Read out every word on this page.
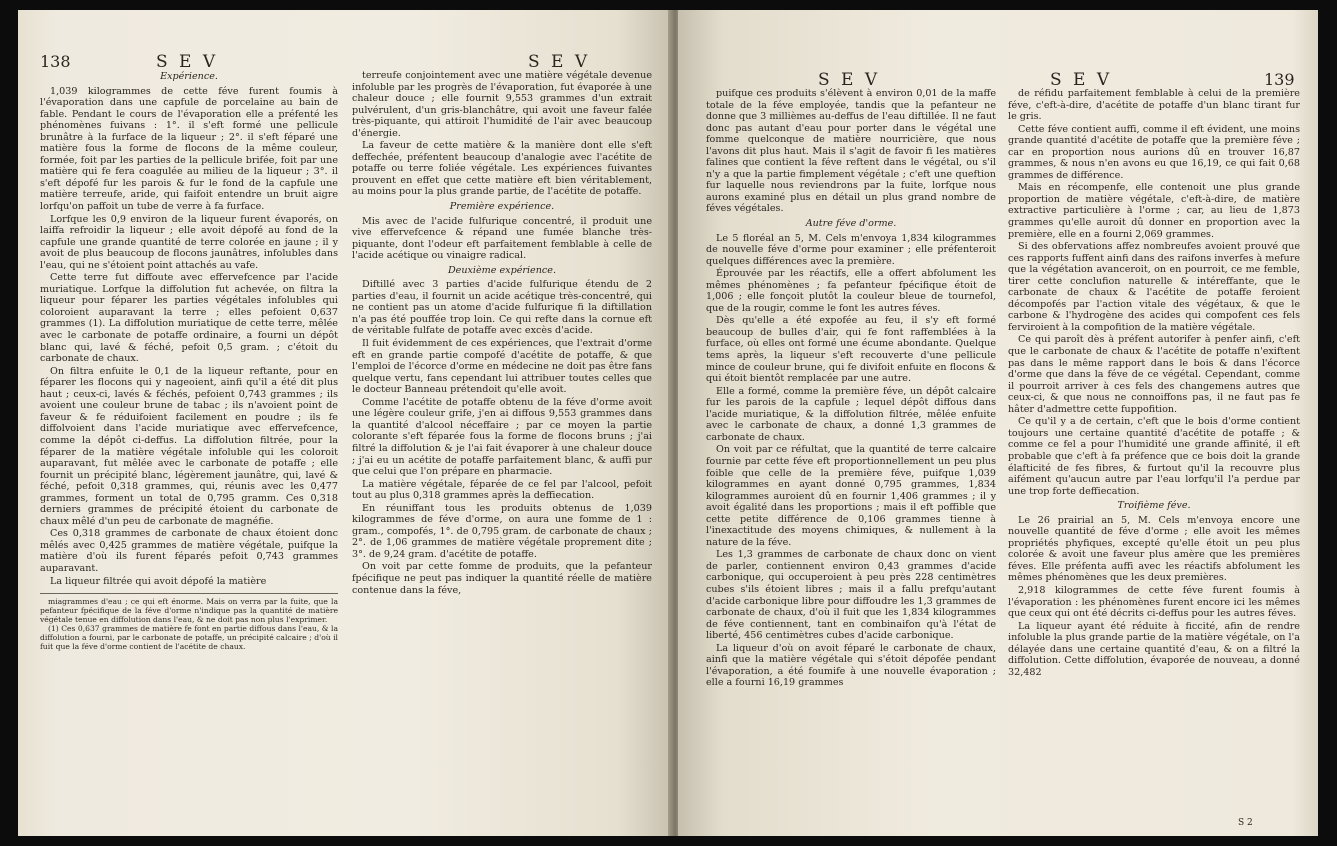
138	S E V	S E V
Expérience.

1,039 kilogrammes de cette féve furent foumis à l'évaporation dans une capfule de porcelaine au bain de fable. Pendant le cours de l'évaporation elle a préfenté les phénomènes fuivans : 1°. il s'eft formé une pellicule brunâtre à la furface de la liqueur ; 2°. il s'eft féparé une matière fous la forme de flocons de la même couleur, formée, foit par les parties de la pellicule brifée, foit par une matière qui fe fera coagulée au milieu de la liqueur ; 3°. il s'eft dépofé fur les parois & fur le fond de la capfule une matière terreufe, aride, qui faifoit entendre un bruit aigre lorfqu'on paffoit un tube de verre à fa furface.

Lorfque les 0,9 environ de la liqueur furent évaporés, on laiffa refroidir la liqueur ; elle avoit dépofé au fond de la capfule une grande quantité de terre colorée en jaune ; il y avoit de plus beaucoup de flocons jaunâtres, infolubles dans l'eau, qui ne s'étoient point attachés au vafe.

Cette terre fut diffoute avec effervefcence par l'acide muriatique. Lorfque la diffolution fut achevée, on filtra la liqueur pour féparer les parties végétales infolubles qui coloroient auparavant la terre ; elles pefoient 0,637 grammes (1). La diffolution muriatique de cette terre, mêlée avec le carbonate de potaffe ordinaire, a fourni un dépôt blanc qui, lavé & féché, pefoit 0,5 gram. ; c'étoit du carbonate de chaux.

On filtra enfuite le 0,1 de la liqueur reftante, pour en féparer les flocons qui y nageoient, ainfi qu'il a été dit plus haut ; ceux-ci, lavés & féchés, pefoient 0,743 grammes ; ils avoient une couleur brune de tabac ; ils n'avoient point de faveur & fe réduifoient facilement en poudre ; ils fe diffolvoient dans l'acide muriatique avec effervefcence, comme la dépôt ci-deffus. La diffolution filtrée, pour la féparer de la matière végétale infoluble qui les coloroit auparavant, fut mêlée avec le carbonate de potaffe ; elle fournit un précipité blanc, légèrement jaunâtre, qui, lavé & féché, pefoit 0,318 grammes, qui, réunis avec les 0,477 grammes, forment un total de 0,795 gramm. Ces 0,318 derniers grammes de précipité étoient du carbonate de chaux mêlé d'un peu de carbonate de magnéfie.

Ces 0,318 grammes de carbonate de chaux étoient donc mêlés avec 0,425 grammes de matière végétale, puifque la matière d'où ils furent féparés pefoit 0,743 grammes auparavant.

La liqueur filtrée qui avoit dépofé la matière

miagrammes d'eau ; ce qui eft énorme. Mais on verra par la fuite, que la pefanteur fpécifique de la féve d'orme n'indique pas la quantité de matière végétale tenue en diffolution dans l'eau, & ne doit pas non plus l'exprimer.

(1) Ces 0,637 grammes de matière fe font en partie diffous dans l'eau, & la diffolution a fourni, par le carbonate de potaffe, un précipité calcaire ; d'où il fuit que la féve d'orme contient de l'acétite de chaux.

terreufe conjointement avec une matière végétale devenue infoluble par les progrès de l'évaporation, fut évaporée à une chaleur douce ; elle fournit 9,553 grammes d'un extrait pulvérulent, d'un gris-blanchâtre, qui avoit une faveur falée très-piquante, qui attiroit l'humidité de l'air avec beaucoup d'énergie.

La faveur de cette matière & la manière dont elle s'eft deffechée, préfentent beaucoup d'analogie avec l'acétite de potaffe ou terre foliée végétale. Les expériences fuivantes prouvent en effet que cette matière eft bien véritablement, au moins pour la plus grande partie, de l'acétite de potaffe.

Première expérience.

Mis avec de l'acide fulfurique concentré, il produit une vive effervefcence & répand une fumée blanche très-piquante, dont l'odeur eft parfaitement femblable à celle de l'acide acétique ou vinaigre radical.

Deuxième expérience.

Diftillé avec 3 parties d'acide fulfurique étendu de 2 parties d'eau, il fournit un acide acétique très-concentré, qui ne contient pas un atome d'acide fulfurique fi la diftillation n'a pas été pouffée trop loin. Ce qui refte dans la cornue eft de véritable fulfate de potaffe avec excès d'acide.

Il fuit évidemment de ces expériences, que l'extrait d'orme eft en grande partie compofé d'acétite de potaffe, & que l'emploi de l'écorce d'orme en médecine ne doit pas être fans quelque vertu, fans cependant lui attribuer toutes celles que le docteur Banneau prétendoit qu'elle avoit.

Comme l'acétite de potaffe obtenu de la féve d'orme avoit une légère couleur grife, j'en ai diffous 9,553 grammes dans la quantité d'alcool néceffaire ; par ce moyen la partie colorante s'eft féparée fous la forme de flocons bruns ; j'ai filtré la diffolution & je l'ai fait évaporer à une chaleur douce ; j'ai eu un acétite de potaffe parfaitement blanc, & auffi pur que celui que l'on prépare en pharmacie.

La matière végétale, féparée de ce fel par l'alcool, pefoit tout au plus 0,318 grammes après la deffiecation.

En réuniffant tous les produits obtenus de 1,039 kilogrammes de féve d'orme, on aura une fomme de 1 : gram., compofés, 1°. de 0,795 gram. de carbonate de chaux ; 2°. de 1,06 grammes de matière végétale proprement dite ; 3°. de 9,24 gram. d'acétite de potaffe.

On voit par cette fomme de produits, que la pefanteur fpécifique ne peut pas indiquer la quantité réelle de matière contenue dans la féve,

S E V	S E V	139

puifque ces produits s'élèvent à environ 0,01 de la maffe totale de la féve employée, tandis que la pefanteur ne donne que 3 millièmes au-deffus de l'eau diftillée. Il ne faut donc pas autant d'eau pour porter dans le végétal une fomme quelconque de matière nourricière, que nous l'avons dit plus haut. Mais il s'agit de favoir fi les matières falines que contient la féve reftent dans le végétal, ou s'il n'y a que la partie fimplement végétale ; c'eft une queftion fur laquelle nous reviendrons par la fuite, lorfque nous aurons examiné plus en détail un plus grand nombre de féves végétales.

Autre féve d'orme.

Le 5 floréal an 5, M. Cels m'envoya 1,834 kilogrammes de nouvelle féve d'orme pour examiner ; elle préfenteroit quelques différences avec la première.

Éprouvée par les réactifs, elle a offert abfolument les mêmes phénomènes ; fa pefanteur fpécifique étoit de 1,006 ; elle fonçoit plutôt la couleur bleue de tournefol, que de la rougir, comme le font les autres féves.

Dès qu'elle a été expofée au feu, il s'y eft formé beaucoup de bulles d'air, qui fe font raffemblées à la furface, où elles ont formé une écume abondante. Quelque tems après, la liqueur s'eft recouverte d'une pellicule mince de couleur brune, qui fe divifoit enfuite en flocons & qui étoit bientôt remplacée par une autre.

Elle a formé, comme la première féve, un dépôt calcaire fur les parois de la capfule ; lequel dépôt diffous dans l'acide muriatique, & la diffolution filtrée, mêlée enfuite avec le carbonate de chaux, a donné 1,3 grammes de carbonate de chaux.

On voit par ce réfultat, que la quantité de terre calcaire fournie par cette féve eft proportionnellement un peu plus foible que celle de la première féve, puifque 1,039 kilogrammes en ayant donné 0,795 grammes, 1,834 kilogrammes auroient dû en fournir 1,406 grammes ; il y avoit égalité dans les proportions ; mais il eft poffible que cette petite différence de 0,106 grammes tienne à l'inexactitude des moyens chimiques, & nullement à la nature de la féve.

Les 1,3 grammes de carbonate de chaux donc on vient de parler, contiennent environ 0,43 grammes d'acide carbonique, qui occuperoient à peu près 228 centimètres cubes s'ils étoient libres ; mais il a fallu prefqu'autant d'acide carbonique libre pour diffoudre les 1,3 grammes de carbonate de chaux, d'où il fuit que les 1,834 kilogrammes de féve contiennent, tant en combinaifon qu'à l'état de liberté, 456 centimètres cubes d'acide carbonique.

La liqueur d'où on avoit féparé le carbonate de chaux, ainfi que la matière végétale qui s'étoit dépofée pendant l'évaporation, a été foumife à une nouvelle évaporation ; elle a fourni 16,19 grammes

de réfidu parfaitement femblable à celui de la première féve, c'eft-à-dire, d'acétite de potaffe d'un blanc tirant fur le gris.

Cette féve contient auffi, comme il eft évident, une moins grande quantité d'acétite de potaffe que la première féve ; car en proportion nous aurions dû en trouver 16,87 grammes, & nous n'en avons eu que 16,19, ce qui fait 0,68 grammes de différence.

Mais en récompenfe, elle contenoit une plus grande proportion de matière végétale, c'eft-à-dire, de matière extractive particulière à l'orme ; car, au lieu de 1,873 grammes qu'elle auroit dû donner en proportion avec la première, elle en a fourni 2,069 grammes.

Si des obfervations affez nombreufes avoient prouvé que ces rapports fuffent ainfi dans des raifons inverfes à mefure que la végétation avanceroit, on en pourroit, ce me femble, tirer cette conclufion naturelle & intéreffante, que le carbonate de chaux & l'acétite de potaffe feroient décompofés par l'action vitale des végétaux, & que le carbone & l'hydrogène des acides qui compofent ces fels ferviroient à la compofition de la matière végétale.

Ce qui paroît dès à préfent autorifer à penfer ainfi, c'eft que le carbonate de chaux & l'acétite de potaffe n'exiftent pas dans le même rapport dans le bois & dans l'écorce d'orme que dans la féve de ce végétal. Cependant, comme il pourroit arriver à ces fels des changemens autres que ceux-ci, & que nous ne connoiffons pas, il ne faut pas fe hâter d'admettre cette fuppofition.

Ce qu'il y a de certain, c'eft que le bois d'orme contient toujours une certaine quantité d'acétite de potaffe ; & comme ce fel a pour l'humidité une grande affinité, il eft probable que c'eft à fa préfence que ce bois doit la grande élafticité de fes fibres, & furtout qu'il la recouvre plus aifément qu'aucun autre par l'eau lorfqu'il l'a perdue par une trop forte deffiecation.

Troifième féve.

Le 26 prairial an 5, M. Cels m'envoya encore une nouvelle quantité de féve d'orme ; elle avoit les mêmes propriétés phyfiques, excepté qu'elle étoit un peu plus colorée & avoit une faveur plus amère que les premières féves. Elle préfenta auffi avec les réactifs abfolument les mêmes phénomènes que les deux premières.

2,918 kilogrammes de cette féve furent foumis à l'évaporation : les phénomènes furent encore ici les mêmes que ceux qui ont été décrits ci-deffus pour les autres féves.

La liqueur ayant été réduite à ficcité, afin de rendre infoluble la plus grande partie de la matière végétale, on l'a délayée dans une certaine quantité d'eau, & on a filtré la diffolution. Cette diffolution, évaporée de nouveau, a donné 32,482

S 2
